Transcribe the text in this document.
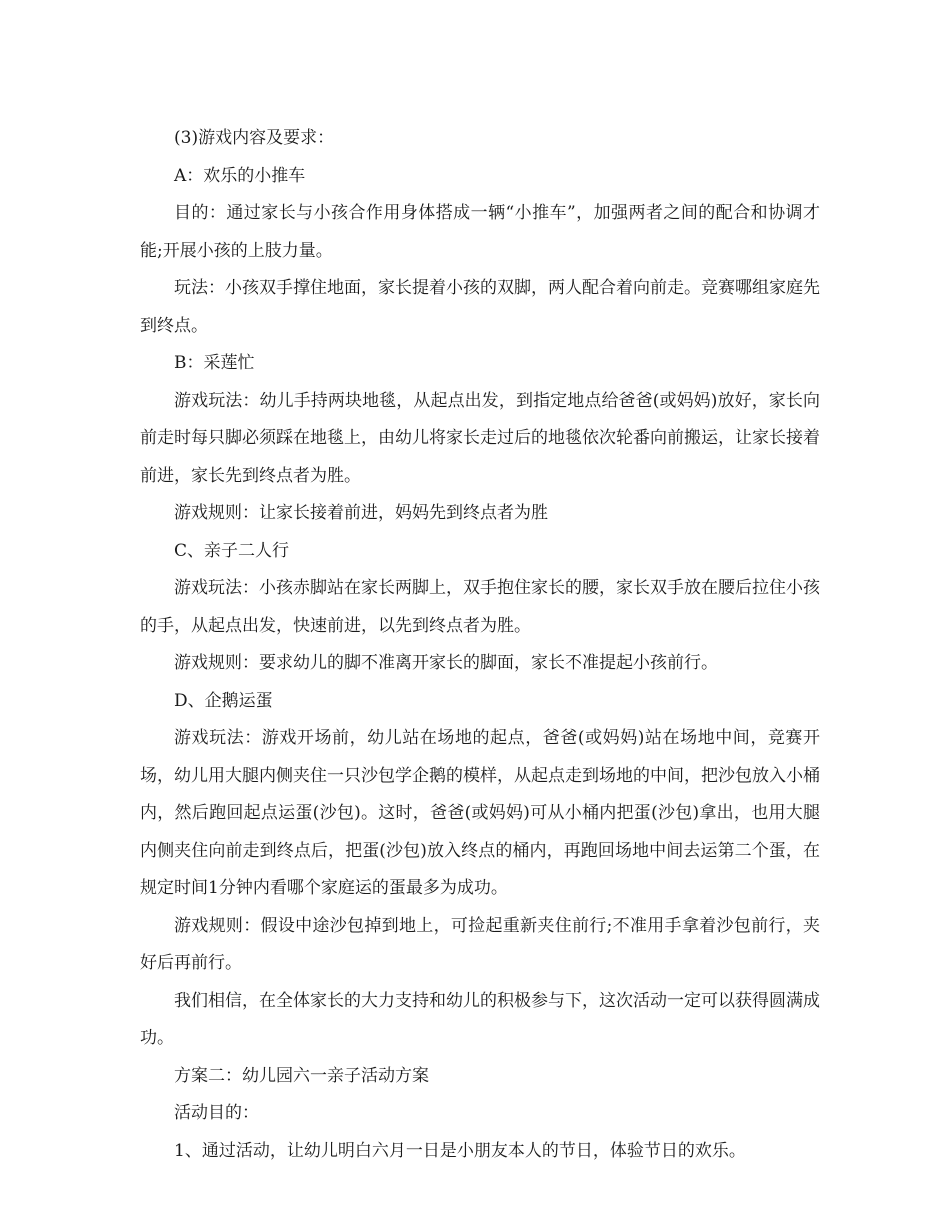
(3)游戏内容及要求：

A：欢乐的小推车

目的：通过家长与小孩合作用身体搭成一辆“小推车”，加强两者之间的配合和协调才能;开展小孩的上肢力量。

玩法：小孩双手撑住地面，家长提着小孩的双脚，两人配合着向前走。竞赛哪组家庭先到终点。

B：采莲忙

游戏玩法：幼儿手持两块地毯，从起点出发，到指定地点给爸爸(或妈妈)放好，家长向前走时每只脚必须踩在地毯上，由幼儿将家长走过后的地毯依次轮番向前搬运，让家长接着前进，家长先到终点者为胜。

游戏规则：让家长接着前进，妈妈先到终点者为胜

C、亲子二人行

游戏玩法：小孩赤脚站在家长两脚上，双手抱住家长的腰，家长双手放在腰后拉住小孩的手，从起点出发，快速前进，以先到终点者为胜。

游戏规则：要求幼儿的脚不准离开家长的脚面，家长不准提起小孩前行。

D、企鹅运蛋

游戏玩法：游戏开场前，幼儿站在场地的起点，爸爸(或妈妈)站在场地中间，竞赛开场，幼儿用大腿内侧夹住一只沙包学企鹅的模样，从起点走到场地的中间，把沙包放入小桶内，然后跑回起点运蛋(沙包)。这时，爸爸(或妈妈)可从小桶内把蛋(沙包)拿出，也用大腿内侧夹住向前走到终点后，把蛋(沙包)放入终点的桶内，再跑回场地中间去运第二个蛋，在规定时间1分钟内看哪个家庭运的蛋最多为成功。

游戏规则：假设中途沙包掉到地上，可捡起重新夹住前行;不准用手拿着沙包前行，夹好后再前行。

我们相信，在全体家长的大力支持和幼儿的积极参与下，这次活动一定可以获得圆满成功。

方案二：幼儿园六一亲子活动方案

活动目的：

1、通过活动，让幼儿明白六月一日是小朋友本人的节日，体验节日的欢乐。
